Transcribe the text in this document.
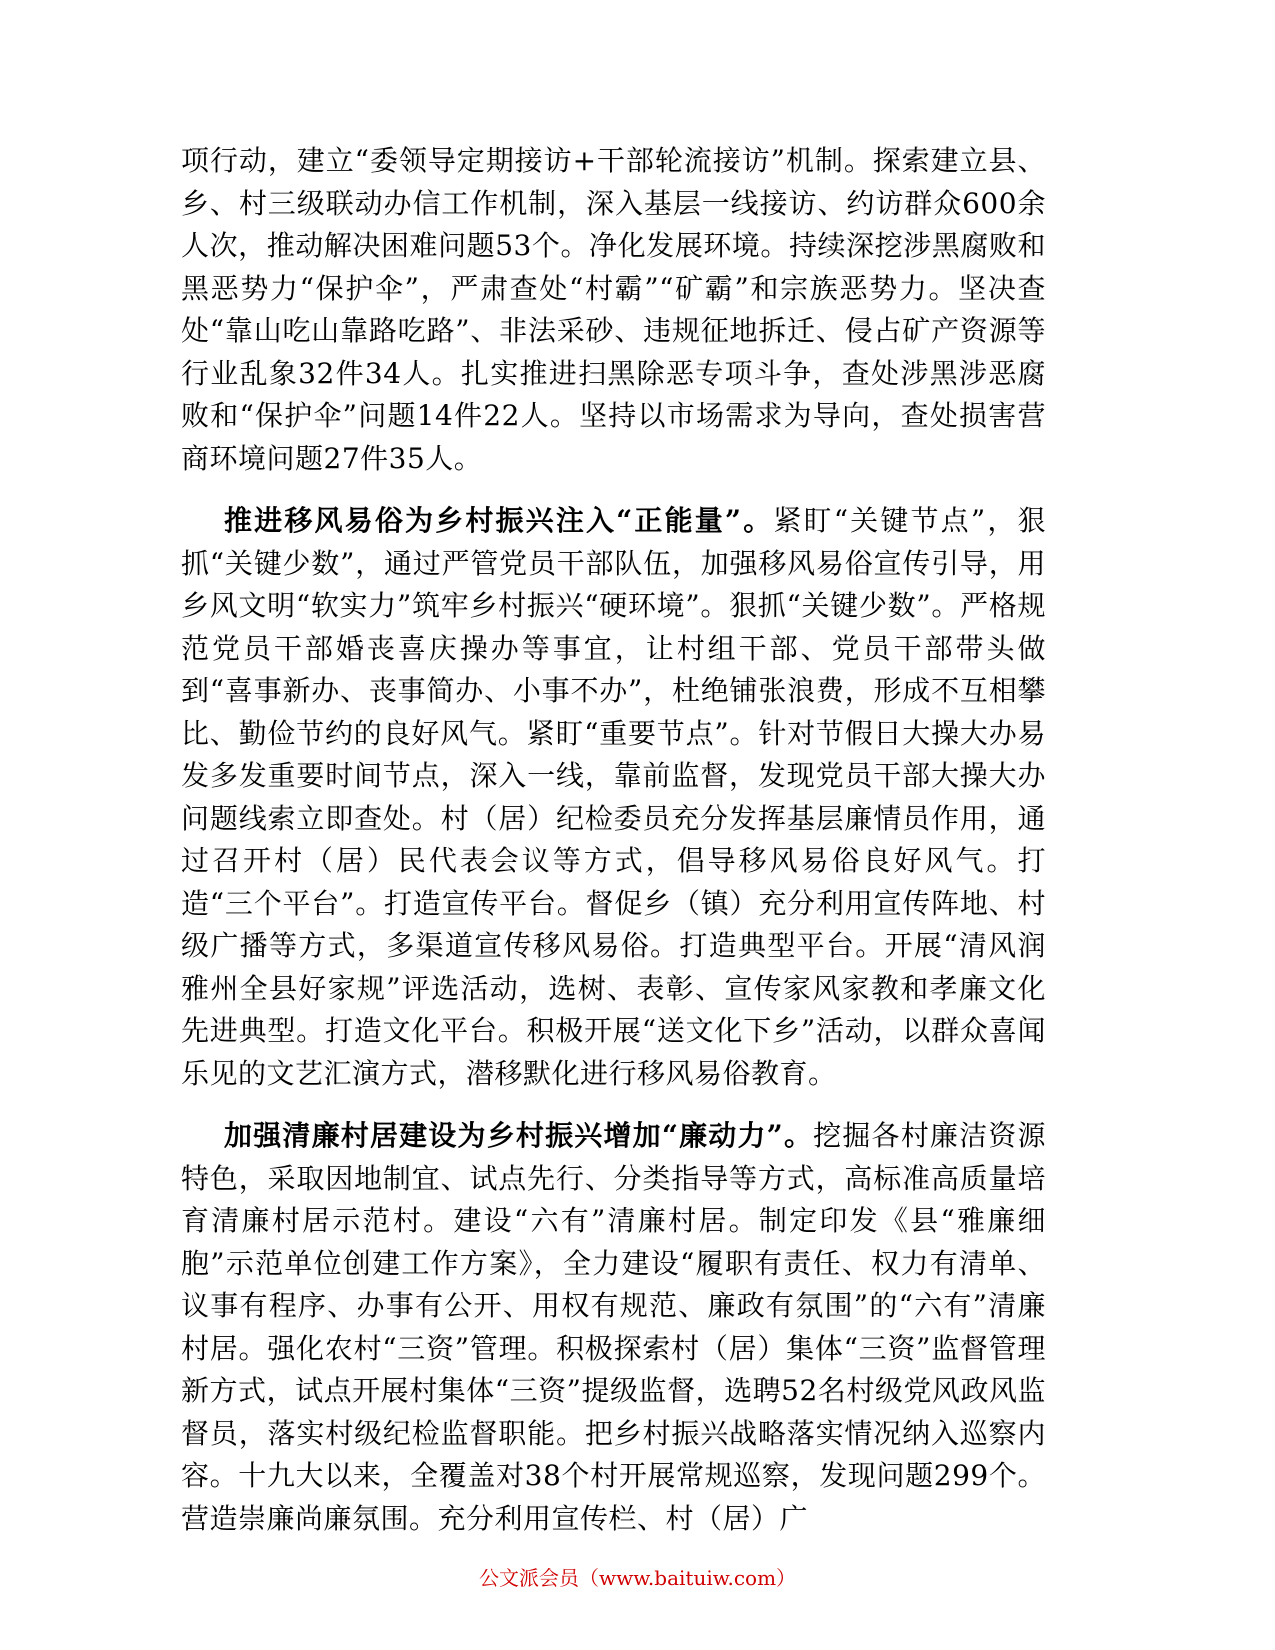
项行动，建立“委领导定期接访+干部轮流接访”机制。探索建立县、乡、村三级联动办信工作机制，深入基层一线接访、约访群众600余人次，推动解决困难问题53个。净化发展环境。持续深挖涉黑腐败和黑恶势力“保护伞”，严肃查处“村霸”“矿霸”和宗族恶势力。坚决查处“靠山吃山靠路吃路”、非法采砂、违规征地拆迁、侵占矿产资源等行业乱象32件34人。扎实推进扫黑除恶专项斗争，查处涉黑涉恶腐败和“保护伞”问题14件22人。坚持以市场需求为导向，查处损害营商环境问题27件35人。

推进移风易俗为乡村振兴注入“正能量”。紧盯“关键节点”，狠抓“关键少数”，通过严管党员干部队伍，加强移风易俗宣传引导，用乡风文明“软实力”筑牢乡村振兴“硬环境”。狠抓“关键少数”。严格规范党员干部婚丧喜庆操办等事宜，让村组干部、党员干部带头做到“喜事新办、丧事简办、小事不办”，杜绝铺张浪费，形成不互相攀比、勤俭节约的良好风气。紧盯“重要节点”。针对节假日大操大办易发多发重要时间节点，深入一线，靠前监督，发现党员干部大操大办问题线索立即查处。村（居）纪检委员充分发挥基层廉情员作用，通过召开村（居）民代表会议等方式，倡导移风易俗良好风气。打造“三个平台”。打造宣传平台。督促乡（镇）充分利用宣传阵地、村级广播等方式，多渠道宣传移风易俗。打造典型平台。开展“清风润雅州全县好家规”评选活动，选树、表彰、宣传家风家教和孝廉文化先进典型。打造文化平台。积极开展“送文化下乡”活动，以群众喜闻乐见的文艺汇演方式，潜移默化进行移风易俗教育。

加强清廉村居建设为乡村振兴增加“廉动力”。挖掘各村廉洁资源特色，采取因地制宜、试点先行、分类指导等方式，高标准高质量培育清廉村居示范村。建设“六有”清廉村居。制定印发《县“雅廉细胞”示范单位创建工作方案》，全力建设“履职有责任、权力有清单、议事有程序、办事有公开、用权有规范、廉政有氛围”的“六有”清廉村居。强化农村“三资”管理。积极探索村（居）集体“三资”监督管理新方式，试点开展村集体“三资”提级监督，选聘52名村级党风政风监督员，落实村级纪检监督职能。把乡村振兴战略落实情况纳入巡察内容。十九大以来，全覆盖对38个村开展常规巡察，发现问题299个。营造崇廉尚廉氛围。充分利用宣传栏、村（居）广

公文派会员（www.baituiw.com）
